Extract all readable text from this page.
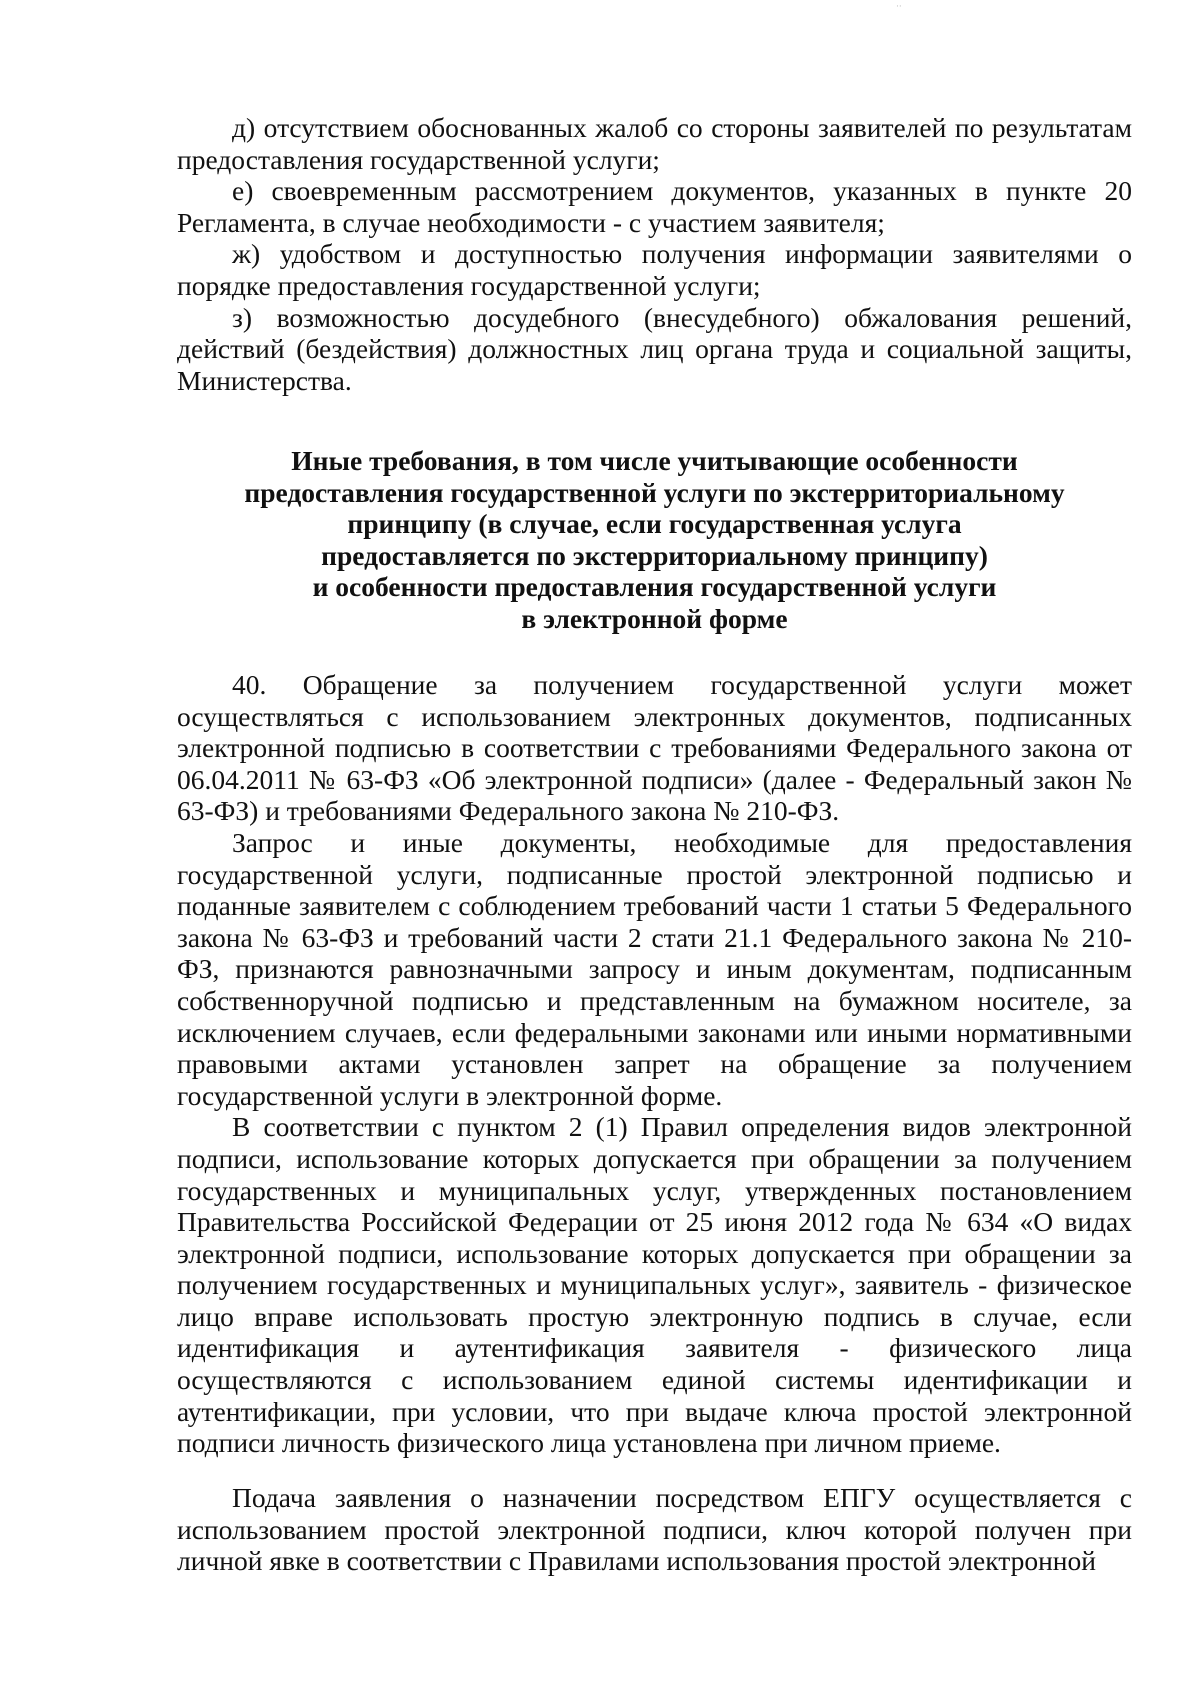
··

д) отсутствием обоснованных жалоб со стороны заявителей по результатам предоставления государственной услуги;

е) своевременным рассмотрением документов, указанных в пункте 20 Регламента, в случае необходимости - с участием заявителя;

ж) удобством и доступностью получения информации заявителями о порядке предоставления государственной услуги;

з) возможностью досудебного (внесудебного) обжалования решений, действий (бездействия) должностных лиц органа труда и социальной защиты, Министерства.

Иные требования, в том числе учитывающие особенности
предоставления государственной услуги по экстерриториальному
принципу (в случае, если государственная услуга
предоставляется по экстерриториальному принципу)
и особенности предоставления государственной услуги
в электронной форме

40. Обращение за получением государственной услуги может осуществляться с использованием электронных документов, подписанных электронной подписью в соответствии с требованиями Федерального закона от 06.04.2011 № 63-ФЗ «Об электронной подписи» (далее - Федеральный закон № 63-ФЗ) и требованиями Федерального закона № 210-ФЗ.

Запрос и иные документы, необходимые для предоставления государственной услуги, подписанные простой электронной подписью и поданные заявителем с соблюдением требований части 1 статьи 5 Федерального закона № 63-ФЗ и требований части 2 стати 21.1 Федерального закона № 210-ФЗ, признаются равнозначными запросу и иным документам, подписанным собственноручной подписью и представленным на бумажном носителе, за исключением случаев, если федеральными законами или иными нормативными правовыми актами установлен запрет на обращение за получением государственной услуги в электронной форме.

В соответствии с пунктом 2 (1) Правил определения видов электронной подписи, использование которых допускается при обращении за получением государственных и муниципальных услуг, утвержденных постановлением Правительства Российской Федерации от 25 июня 2012 года № 634 «О видах электронной подписи, использование которых допускается при обращении за получением государственных и муниципальных услуг», заявитель - физическое лицо вправе использовать простую электронную подпись в случае, если идентификация и аутентификация заявителя - физического лица осуществляются с использованием единой системы идентификации и аутентификации, при условии, что при выдаче ключа простой электронной подписи личность физического лица установлена при личном приеме.

Подача заявления о назначении посредством ЕПГУ осуществляется с использованием простой электронной подписи, ключ которой получен при личной явке в соответствии с Правилами использования простой электронной
